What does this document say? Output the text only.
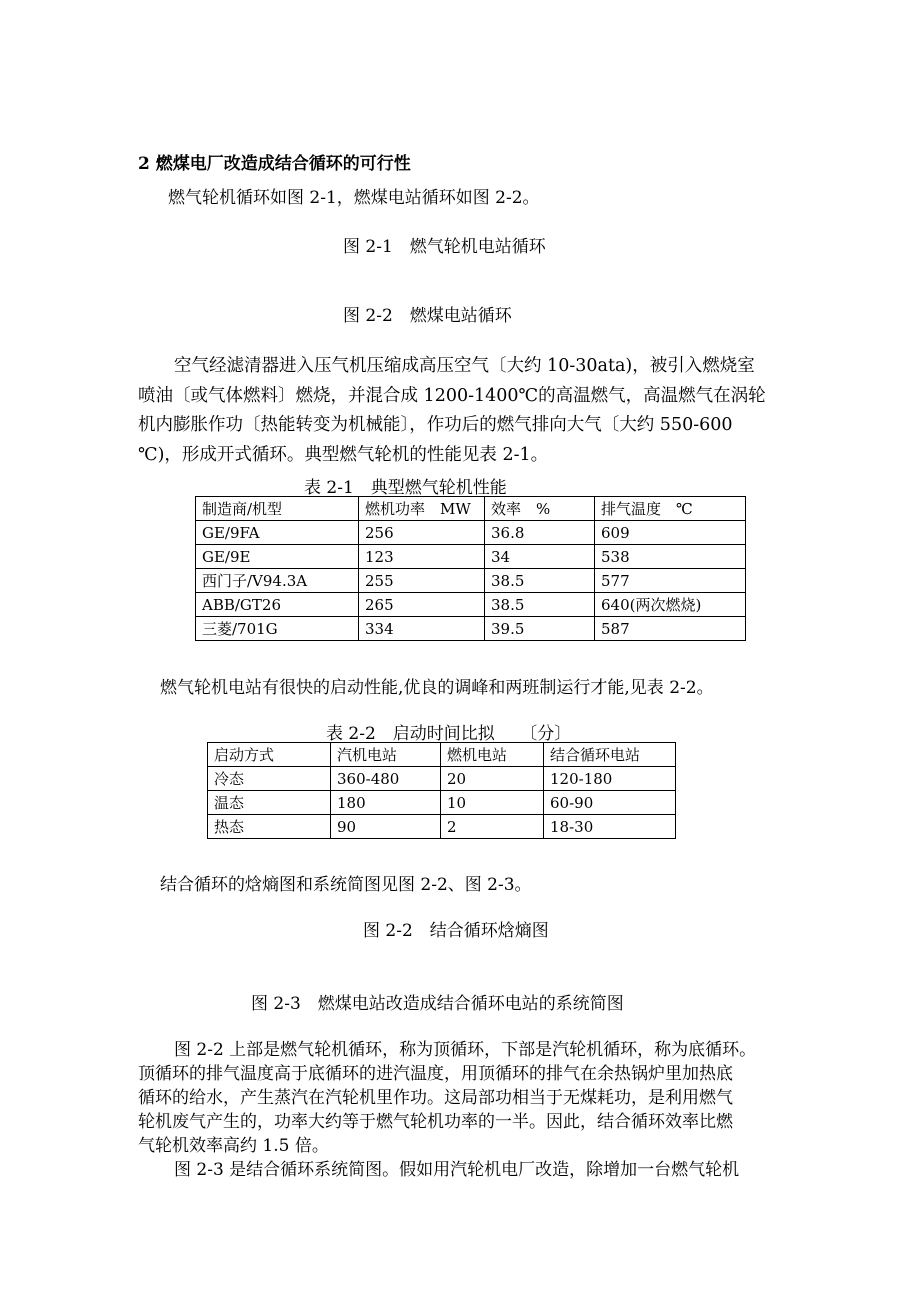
2 燃煤电厂改造成结合循环的可行性
燃气轮机循环如图 2-1，燃煤电站循环如图 2-2。
图 2-1　燃气轮机电站循环
图 2-2　燃煤电站循环
空气经滤清器进入压气机压缩成高压空气〔大约 10-30ata)，被引入燃烧室
喷油〔或气体燃料〕燃烧，并混合成 1200-1400℃的高温燃气，高温燃气在涡轮
机内膨胀作功〔热能转变为机械能〕，作功后的燃气排向大气〔大约 550-600
℃)，形成开式循环。典型燃气轮机的性能见表 2-1。
表 2-1　典型燃气轮机性能
制造商/机型	燃机功率　MW	效率　%	排气温度　℃
GE/9FA	256	36.8	609
GE/9E	123	34	538
西门子/V94.3A	255	38.5	577
ABB/GT26	265	38.5	640(两次燃烧)
三菱/701G	334	39.5	587
燃气轮机电站有很快的启动性能,优良的调峰和两班制运行才能,见表 2-2。
表 2-2　启动时间比拟　　〔分〕
启动方式	汽机电站	燃机电站	结合循环电站
冷态	360-480	20	120-180
温态	180	10	60-90
热态	90	2	18-30
结合循环的焓熵图和系统简图见图 2-2、图 2-3。
图 2-2　结合循环焓熵图
图 2-3　燃煤电站改造成结合循环电站的系统简图
图 2-2 上部是燃气轮机循环，称为顶循环，下部是汽轮机循环，称为底循环。
顶循环的排气温度高于底循环的进汽温度，用顶循环的排气在余热锅炉里加热底
循环的给水，产生蒸汽在汽轮机里作功。这局部功相当于无煤耗功，是利用燃气
轮机废气产生的，功率大约等于燃气轮机功率的一半。因此，结合循环效率比燃
气轮机效率高约 1.5 倍。
图 2-3 是结合循环系统简图。假如用汽轮机电厂改造，除增加一台燃气轮机
